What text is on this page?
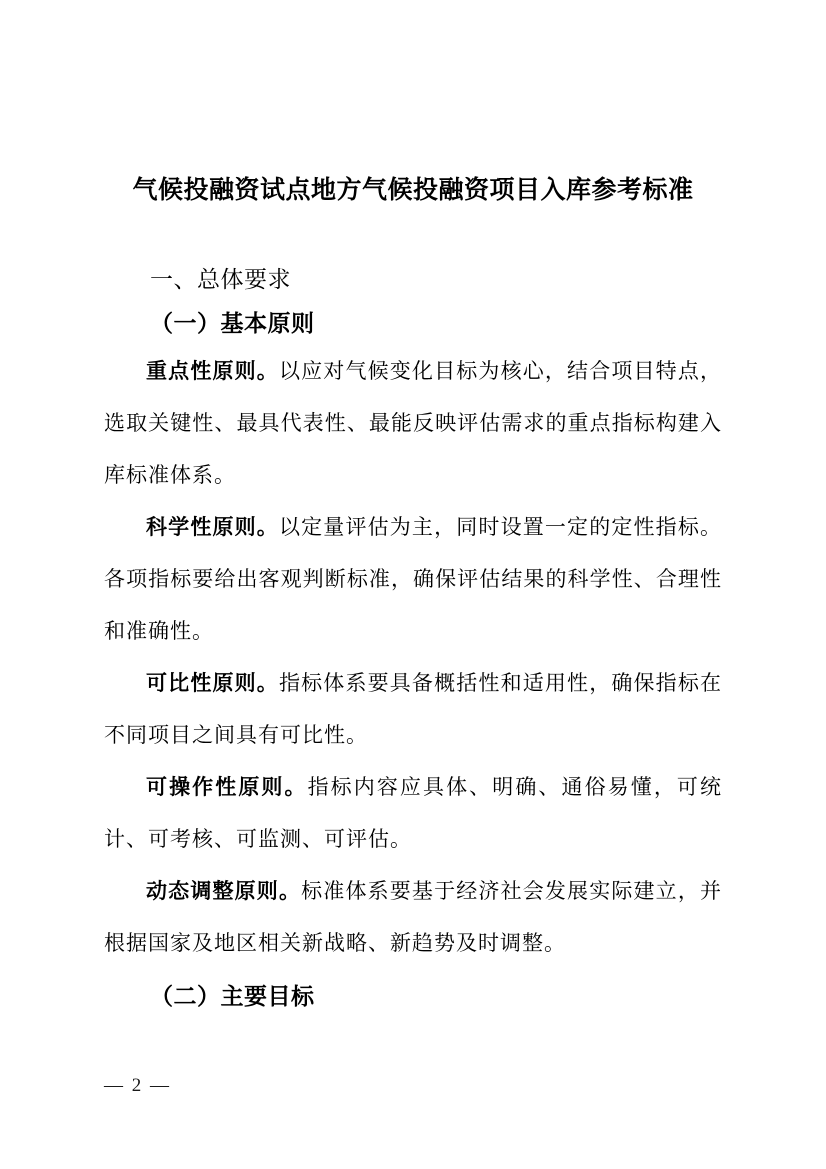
气候投融资试点地方气候投融资项目入库参考标准
一、总体要求
（一）基本原则

重点性原则。以应对气候变化目标为核心，结合项目特点，选取关键性、最具代表性、最能反映评估需求的重点指标构建入库标准体系。

科学性原则。以定量评估为主，同时设置一定的定性指标。各项指标要给出客观判断标准，确保评估结果的科学性、合理性和准确性。

可比性原则。指标体系要具备概括性和适用性，确保指标在不同项目之间具有可比性。

可操作性原则。指标内容应具体、明确、通俗易懂，可统计、可考核、可监测、可评估。

动态调整原则。标准体系要基于经济社会发展实际建立，并根据国家及地区相关新战略、新趋势及时调整。

（二）主要目标
— 2 —
